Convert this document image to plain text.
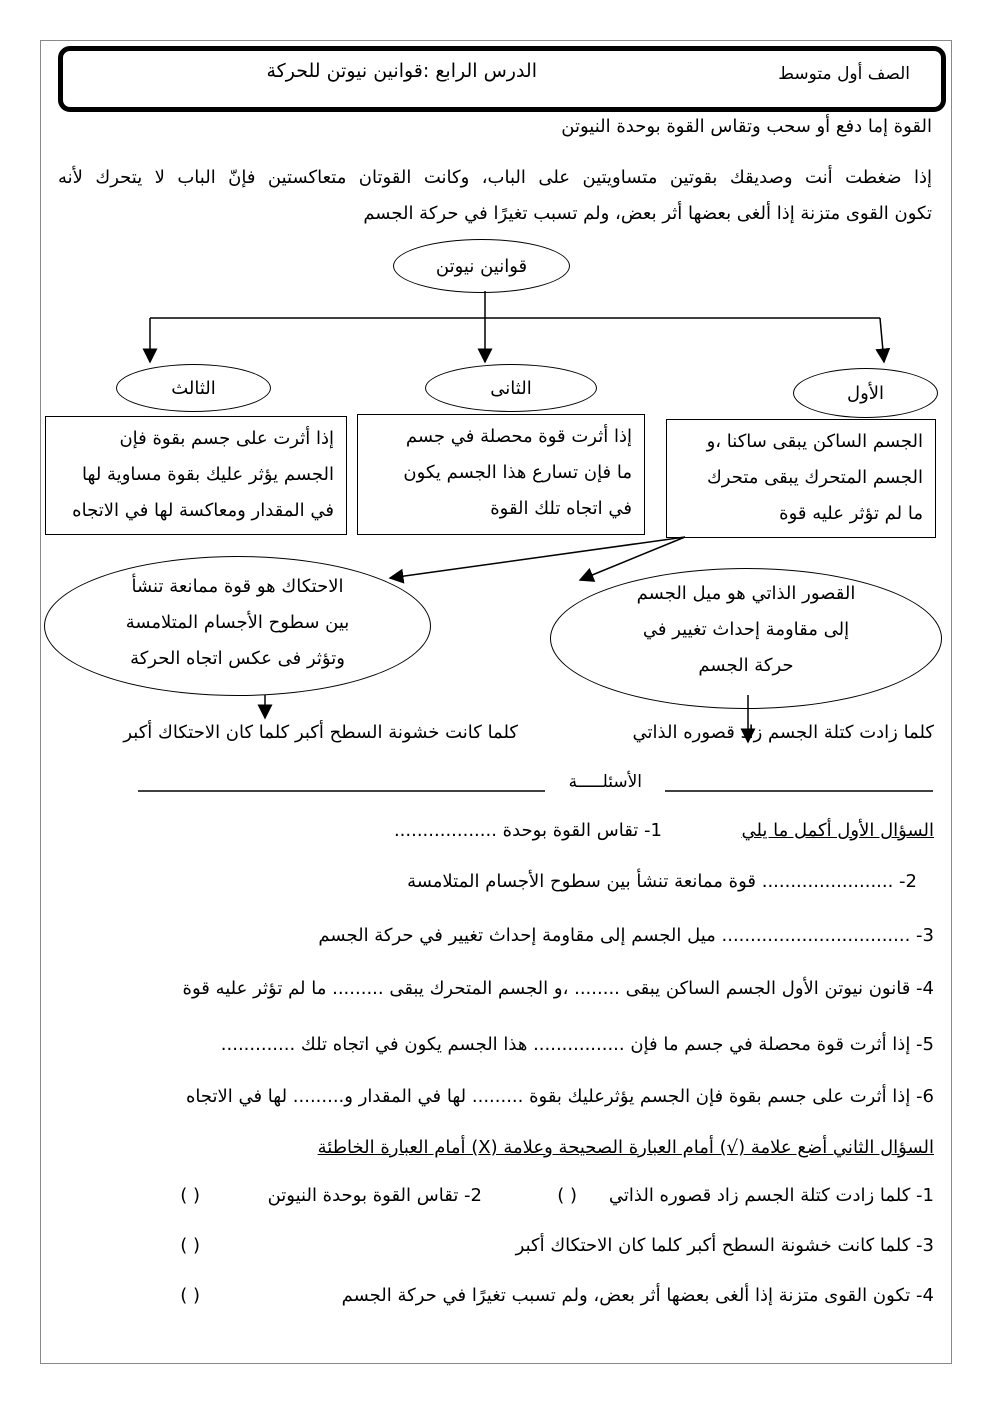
الصف أول متوسط
الدرس الرابع :قوانين نيوتن للحركة
القوة إما دفع أو سحب وتقاس القوة بوحدة النيوتن
إذا ضغطت أنت وصديقك بقوتين متساويتين على الباب، وكانت القوتان متعاكستين فإنّ الباب لا يتحرك لأنه
تكون القوى متزنة إذا ألغى بعضها أثر بعض، ولم تسبب تغيرًا في حركة الجسم
قوانين نيوتن
الثالث	الثانى	الأول
إذا أثرت على جسم بقوة فإن
الجسم يؤثر عليك بقوة مساوية لها
في المقدار ومعاكسة لها في الاتجاه
إذا أثرت قوة محصلة في جسم
ما فإن تسارع هذا الجسم يكون
في اتجاه تلك القوة
الجسم الساكن يبقى ساكنا ،و
الجسم المتحرك يبقى متحرك
ما لم تؤثر عليه قوة
الاحتكاك هو قوة ممانعة تنشأ
بين سطوح الأجسام المتلامسة
وتؤثر فى عكس اتجاه الحركة
القصور الذاتي هو ميل الجسم
إلى مقاومة إحداث تغيير في
حركة الجسم
كلما زادت كتلة الجسم زاد قصوره الذاتي
كلما كانت خشونة السطح أكبر كلما كان الاحتكاك أكبر
الأسئلـــــة
السؤال الأول أكمل ما يلي
1- تقاس القوة بوحدة ..................
2- ....................... قوة ممانعة تنشأ بين سطوح الأجسام المتلامسة
3- ................................. ميل الجسم إلى مقاومة إحداث تغيير في حركة الجسم
4- قانون نيوتن الأول الجسم الساكن يبقى ........ ،و الجسم المتحرك يبقى ......... ما لم تؤثر عليه قوة
5- إذا أثرت قوة محصلة في جسم ما فإن ................ هذا الجسم يكون في اتجاه تلك .............
6- إذا أثرت على جسم بقوة فإن الجسم يؤثرعليك بقوة ......... لها في المقدار و......... لها في الاتجاه
السؤال الثاني أضع علامة (√) أمام العبارة الصحيحة وعلامة (X) أمام العبارة الخاطئة
1- كلما زادت كتلة الجسم زاد قصوره الذاتي
( )
2- تقاس القوة بوحدة النيوتن
( )
3- كلما كانت خشونة السطح أكبر كلما كان الاحتكاك أكبر
( )
4- تكون القوى متزنة إذا ألغى بعضها أثر بعض، ولم تسبب تغيرًا في حركة الجسم
( )
